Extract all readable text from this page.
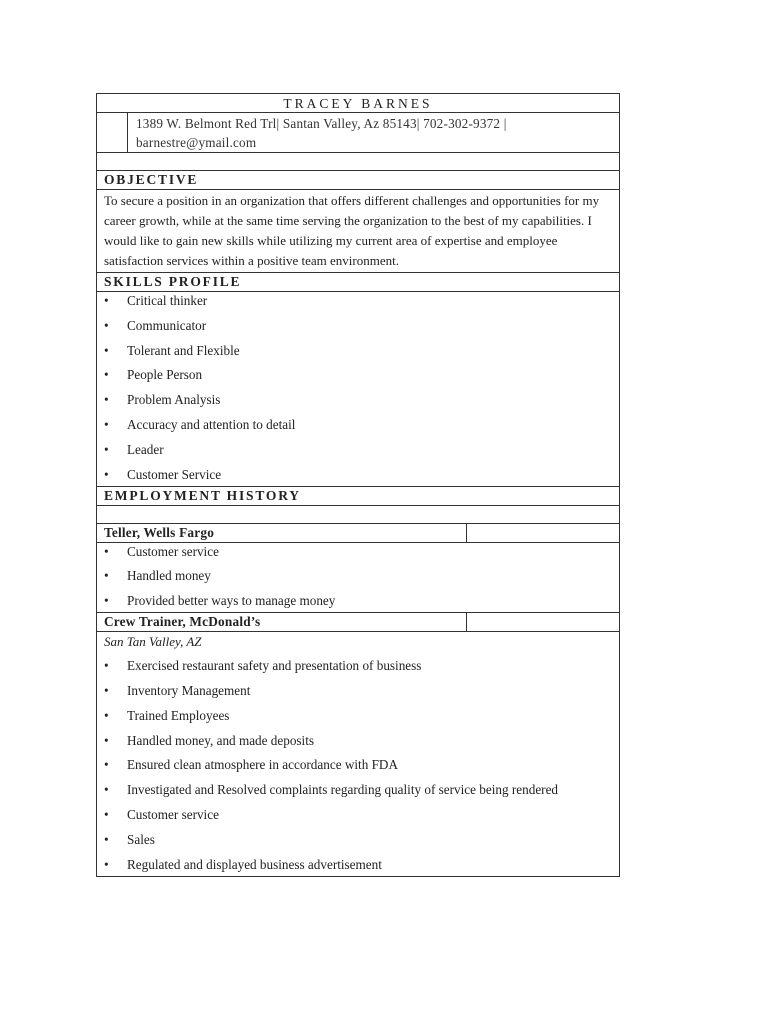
TRACEY BARNES
1389 W. Belmont Red Trl| Santan Valley, Az 85143| 702-302-9372 |
barnestre@ymail.com
OBJECTIVE
To secure a position in an organization that offers different challenges and opportunities for my career growth, while at the same time serving the organization to the best of my capabilities. I would like to gain new skills while utilizing my current area of expertise and employee satisfaction services within a positive team environment.
SKILLS PROFILE
• Critical thinker
• Communicator
• Tolerant and Flexible
• People Person
• Problem Analysis
• Accuracy and attention to detail
• Leader
• Customer Service
EMPLOYMENT HISTORY
Teller, Wells Fargo
• Customer service
• Handled money
• Provided better ways to manage money
Crew Trainer, McDonald’s
San Tan Valley, AZ
• Exercised restaurant safety and presentation of business
• Inventory Management
• Trained Employees
• Handled money, and made deposits
• Ensured clean atmosphere in accordance with FDA
• Investigated and Resolved complaints regarding quality of service being rendered
• Customer service
• Sales
• Regulated and displayed business advertisement
